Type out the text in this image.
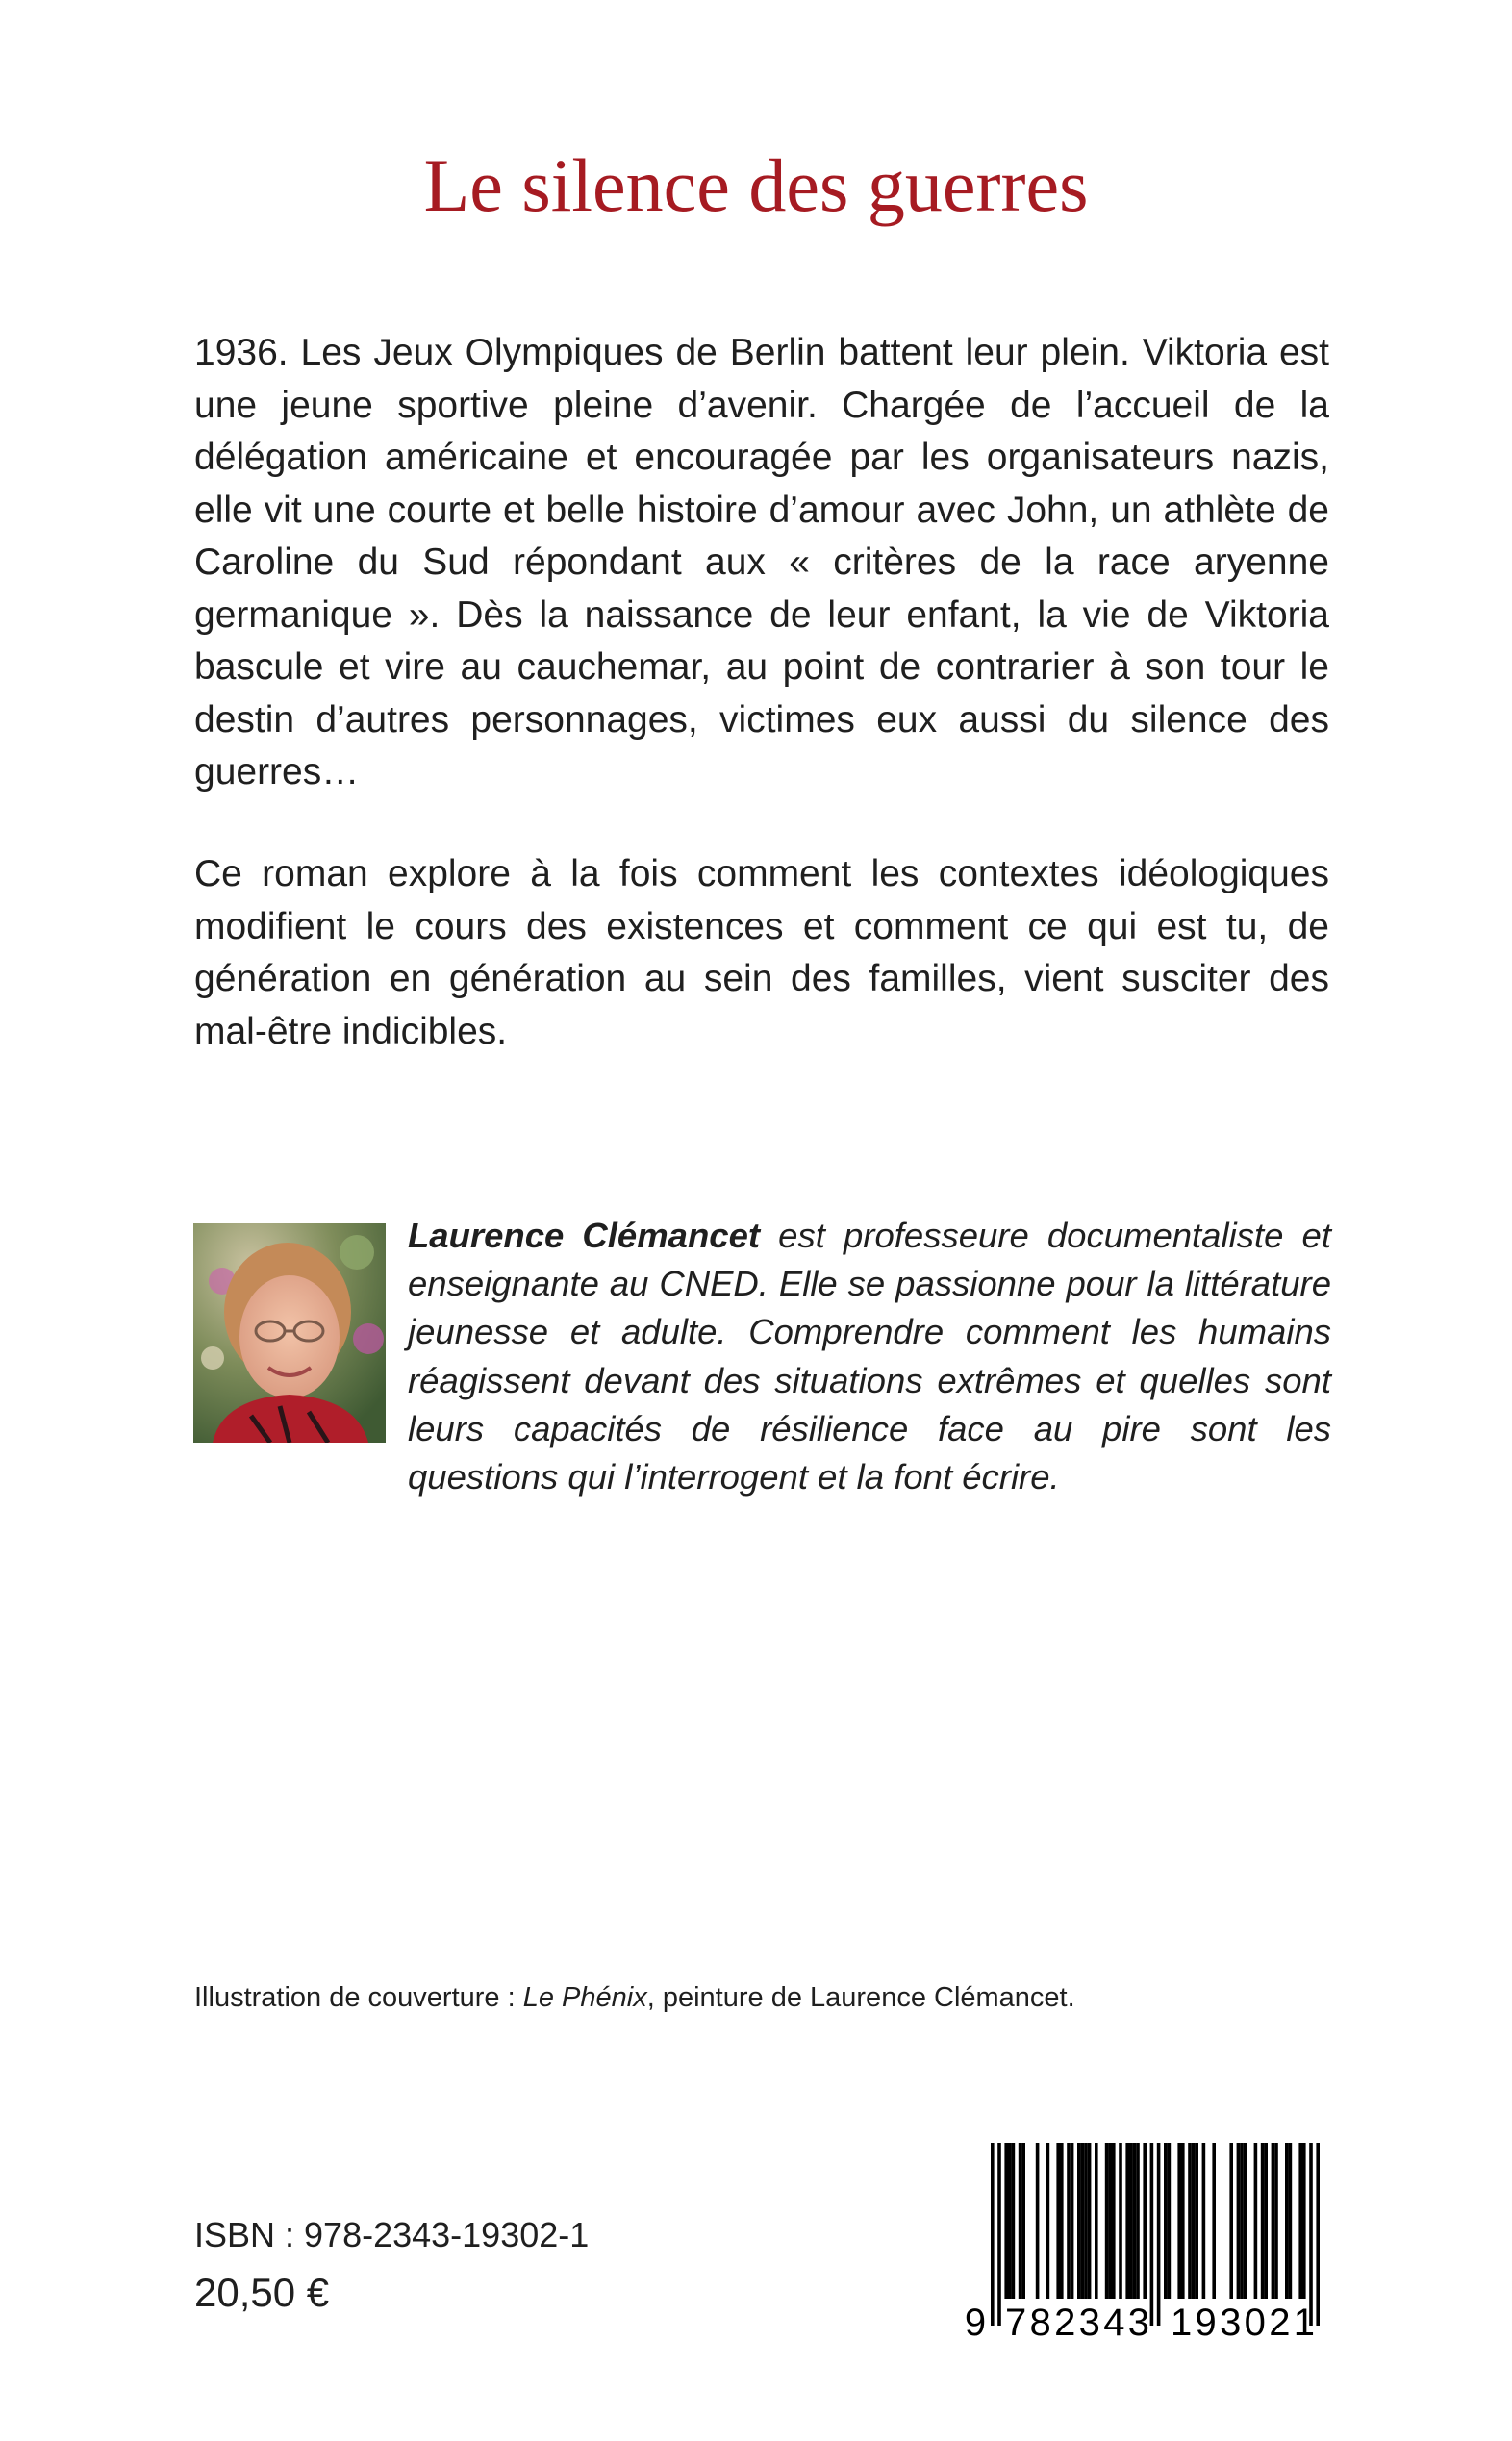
Le silence des guerres

1936. Les Jeux Olympiques de Berlin battent leur plein. Viktoria est une jeune sportive pleine d’avenir. Chargée de l’accueil de la délégation américaine et encouragée par les organisateurs nazis, elle vit une courte et belle histoire d’amour avec John, un athlète de Caroline du Sud répondant aux « critères de la race aryenne germanique ». Dès la naissance de leur enfant, la vie de Viktoria bascule et vire au cauchemar, au point de contrarier à son tour le destin d’autres personnages, victimes eux aussi du silence des guerres…

Ce roman explore à la fois comment les contextes idéologiques modifient le cours des existences et comment ce qui est tu, de génération en génération au sein des familles, vient susciter des mal-être indicibles.

Laurence Clémancet est professeure documentaliste et enseignante au CNED. Elle se passionne pour la littérature jeunesse et adulte. Comprendre comment les humains réagissent devant des situations extrêmes et quelles sont leurs capacités de résilience face au pire sont les questions qui l’interrogent et la font écrire.

Illustration de couverture : Le Phénix, peinture de Laurence Clémancet.

ISBN : 978-2343-19302-1

20,50 €

9 782343 193021
